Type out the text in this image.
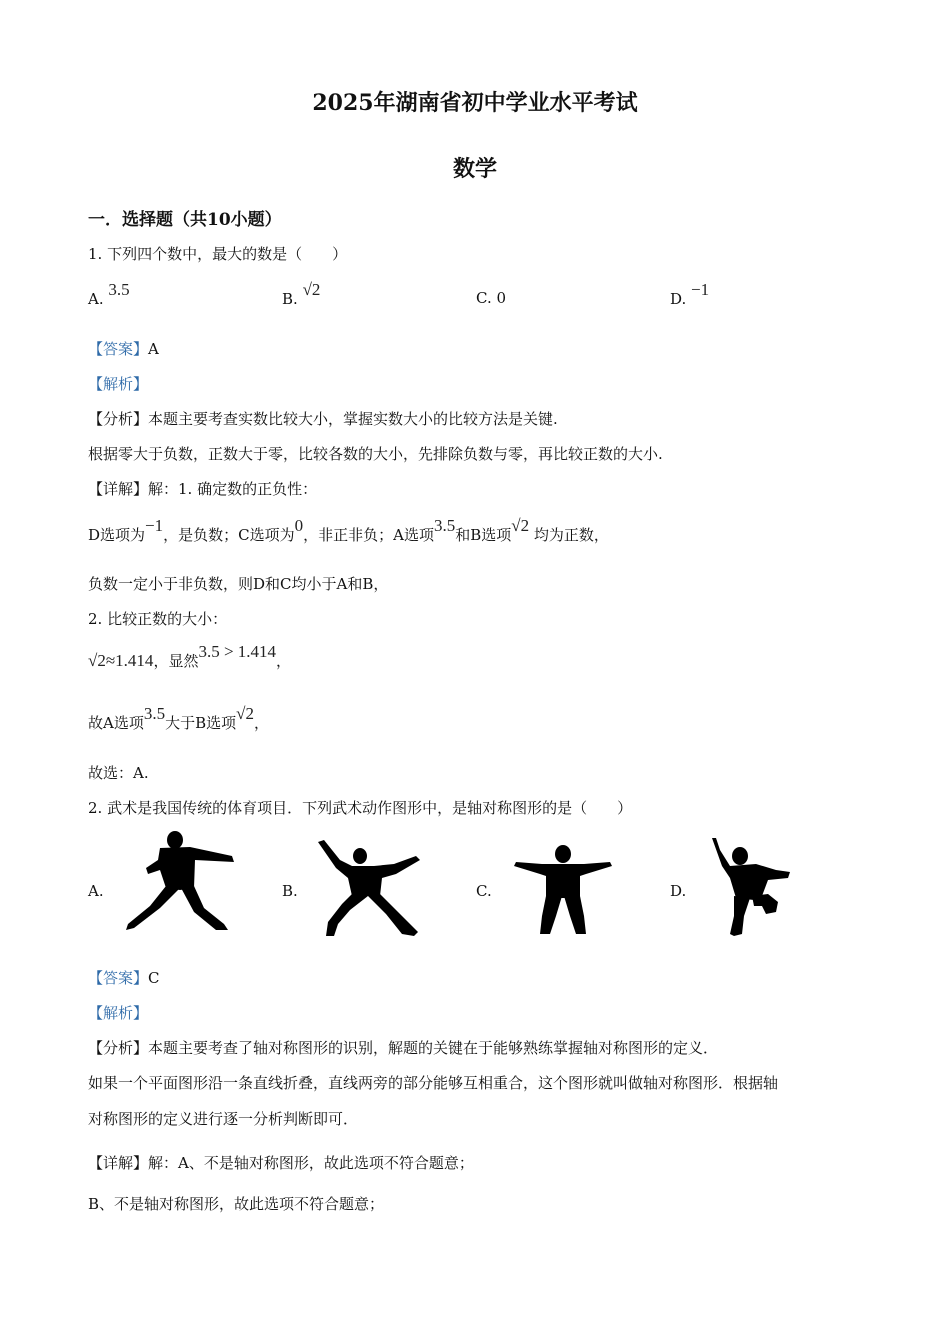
2025年湖南省初中学业水平考试
数学
一．选择题（共10小题）
1. 下列四个数中，最大的数是（　　）
A. 3.5	B. √2	C. 0	D. −1
【答案】A
【解析】
【分析】本题主要考查实数比较大小，掌握实数大小的比较方法是关键.
根据零大于负数，正数大于零，比较各数的大小，先排除负数与零，再比较正数的大小.
【详解】解：1. 确定数的正负性：
D选项为−1，是负数；C选项为0，非正非负；A选项3.5和B选项√2 均为正数，
负数一定小于非负数，则D和C均小于A和B，
2. 比较正数的大小：
√2≈1.414，显然3.5 > 1.414，
故A选项3.5大于B选项√2，
故选：A.
2. 武术是我国传统的体育项目．下列武术动作图形中，是轴对称图形的是（　　）
A.	B.	C.	D.
【答案】C
【解析】
【分析】本题主要考查了轴对称图形的识别，解题的关键在于能够熟练掌握轴对称图形的定义．
如果一个平面图形沿一条直线折叠，直线两旁的部分能够互相重合，这个图形就叫做轴对称图形．根据轴
对称图形的定义进行逐一分析判断即可．
【详解】解：A、不是轴对称图形，故此选项不符合题意；
B、不是轴对称图形，故此选项不符合题意；
